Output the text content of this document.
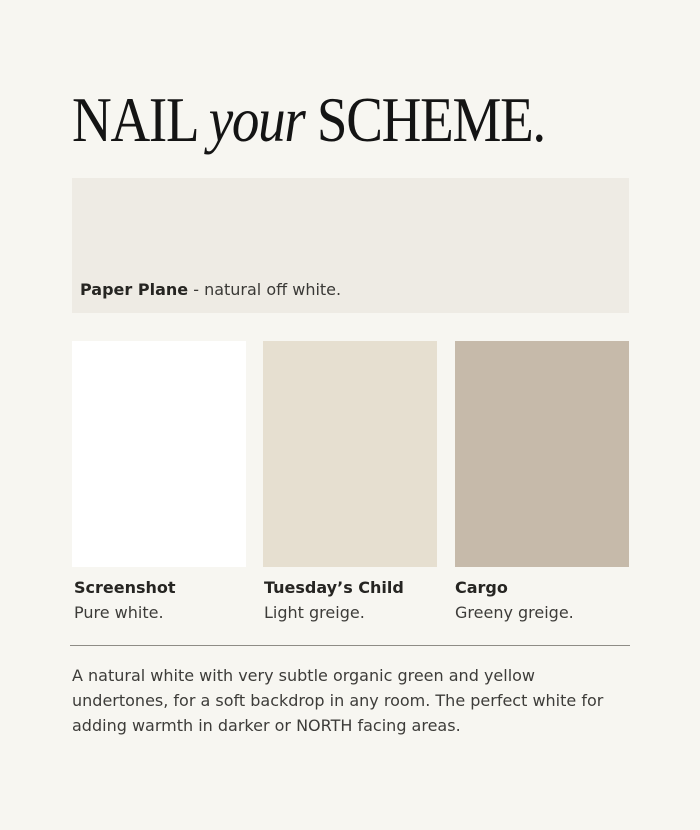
NAIL your SCHEME.
Paper Plane - natural off white.
Screenshot
Pure white.
Tuesday’s Child
Light greige.
Cargo
Greeny greige.

A natural white with very subtle organic green and yellow undertones, for a soft backdrop in any room. The perfect white for adding warmth in darker or NORTH facing areas.
